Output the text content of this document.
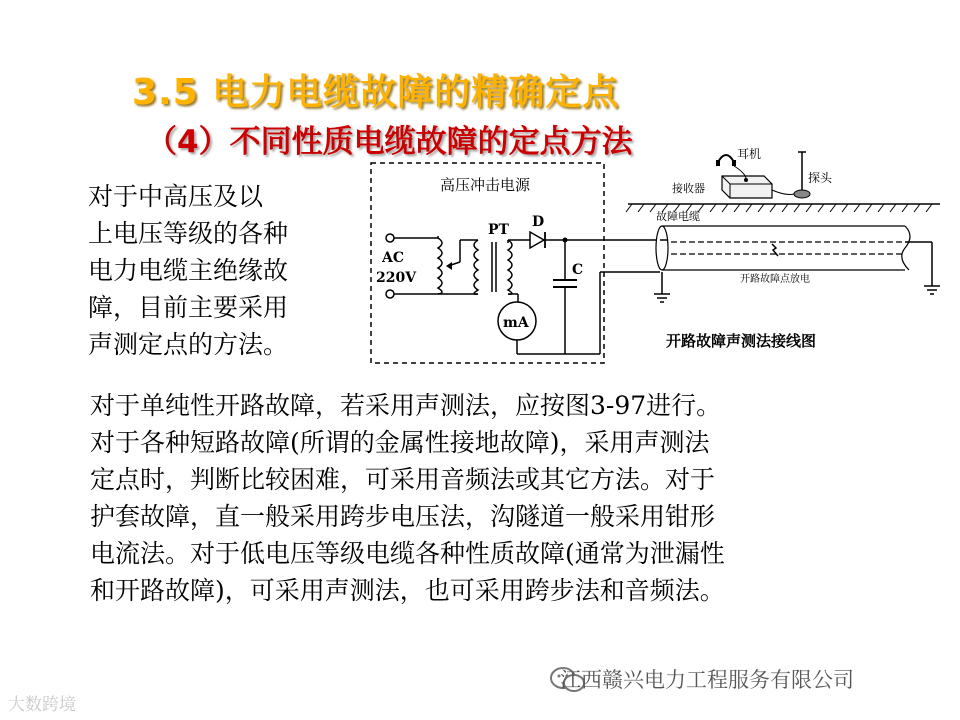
3.5 电力电缆故障的精确定点
（4）不同性质电缆故障的定点方法
对于中高压及以
上电压等级的各种
电力电缆主绝缘故
障，目前主要采用
声测定点的方法。
高压冲击电源
AC
220V
PT
mA
D
C
接收器
耳机
探头
故障电缆
开路故障点放电
开路故障声测法接线图
对于单纯性开路故障，若采用声测法，应按图3-97进行。
对于各种短路故障(所谓的金属性接地故障)，采用声测法
定点时，判断比较困难，可采用音频法或其它方法。对于
护套故障，直一般采用跨步电压法，沟隧道一般采用钳形
电流法。对于低电压等级电缆各种性质故障(通常为泄漏性
和开路故障)，可采用声测法，也可采用跨步法和音频法。
江西赣兴电力工程服务有限公司
大数跨境
